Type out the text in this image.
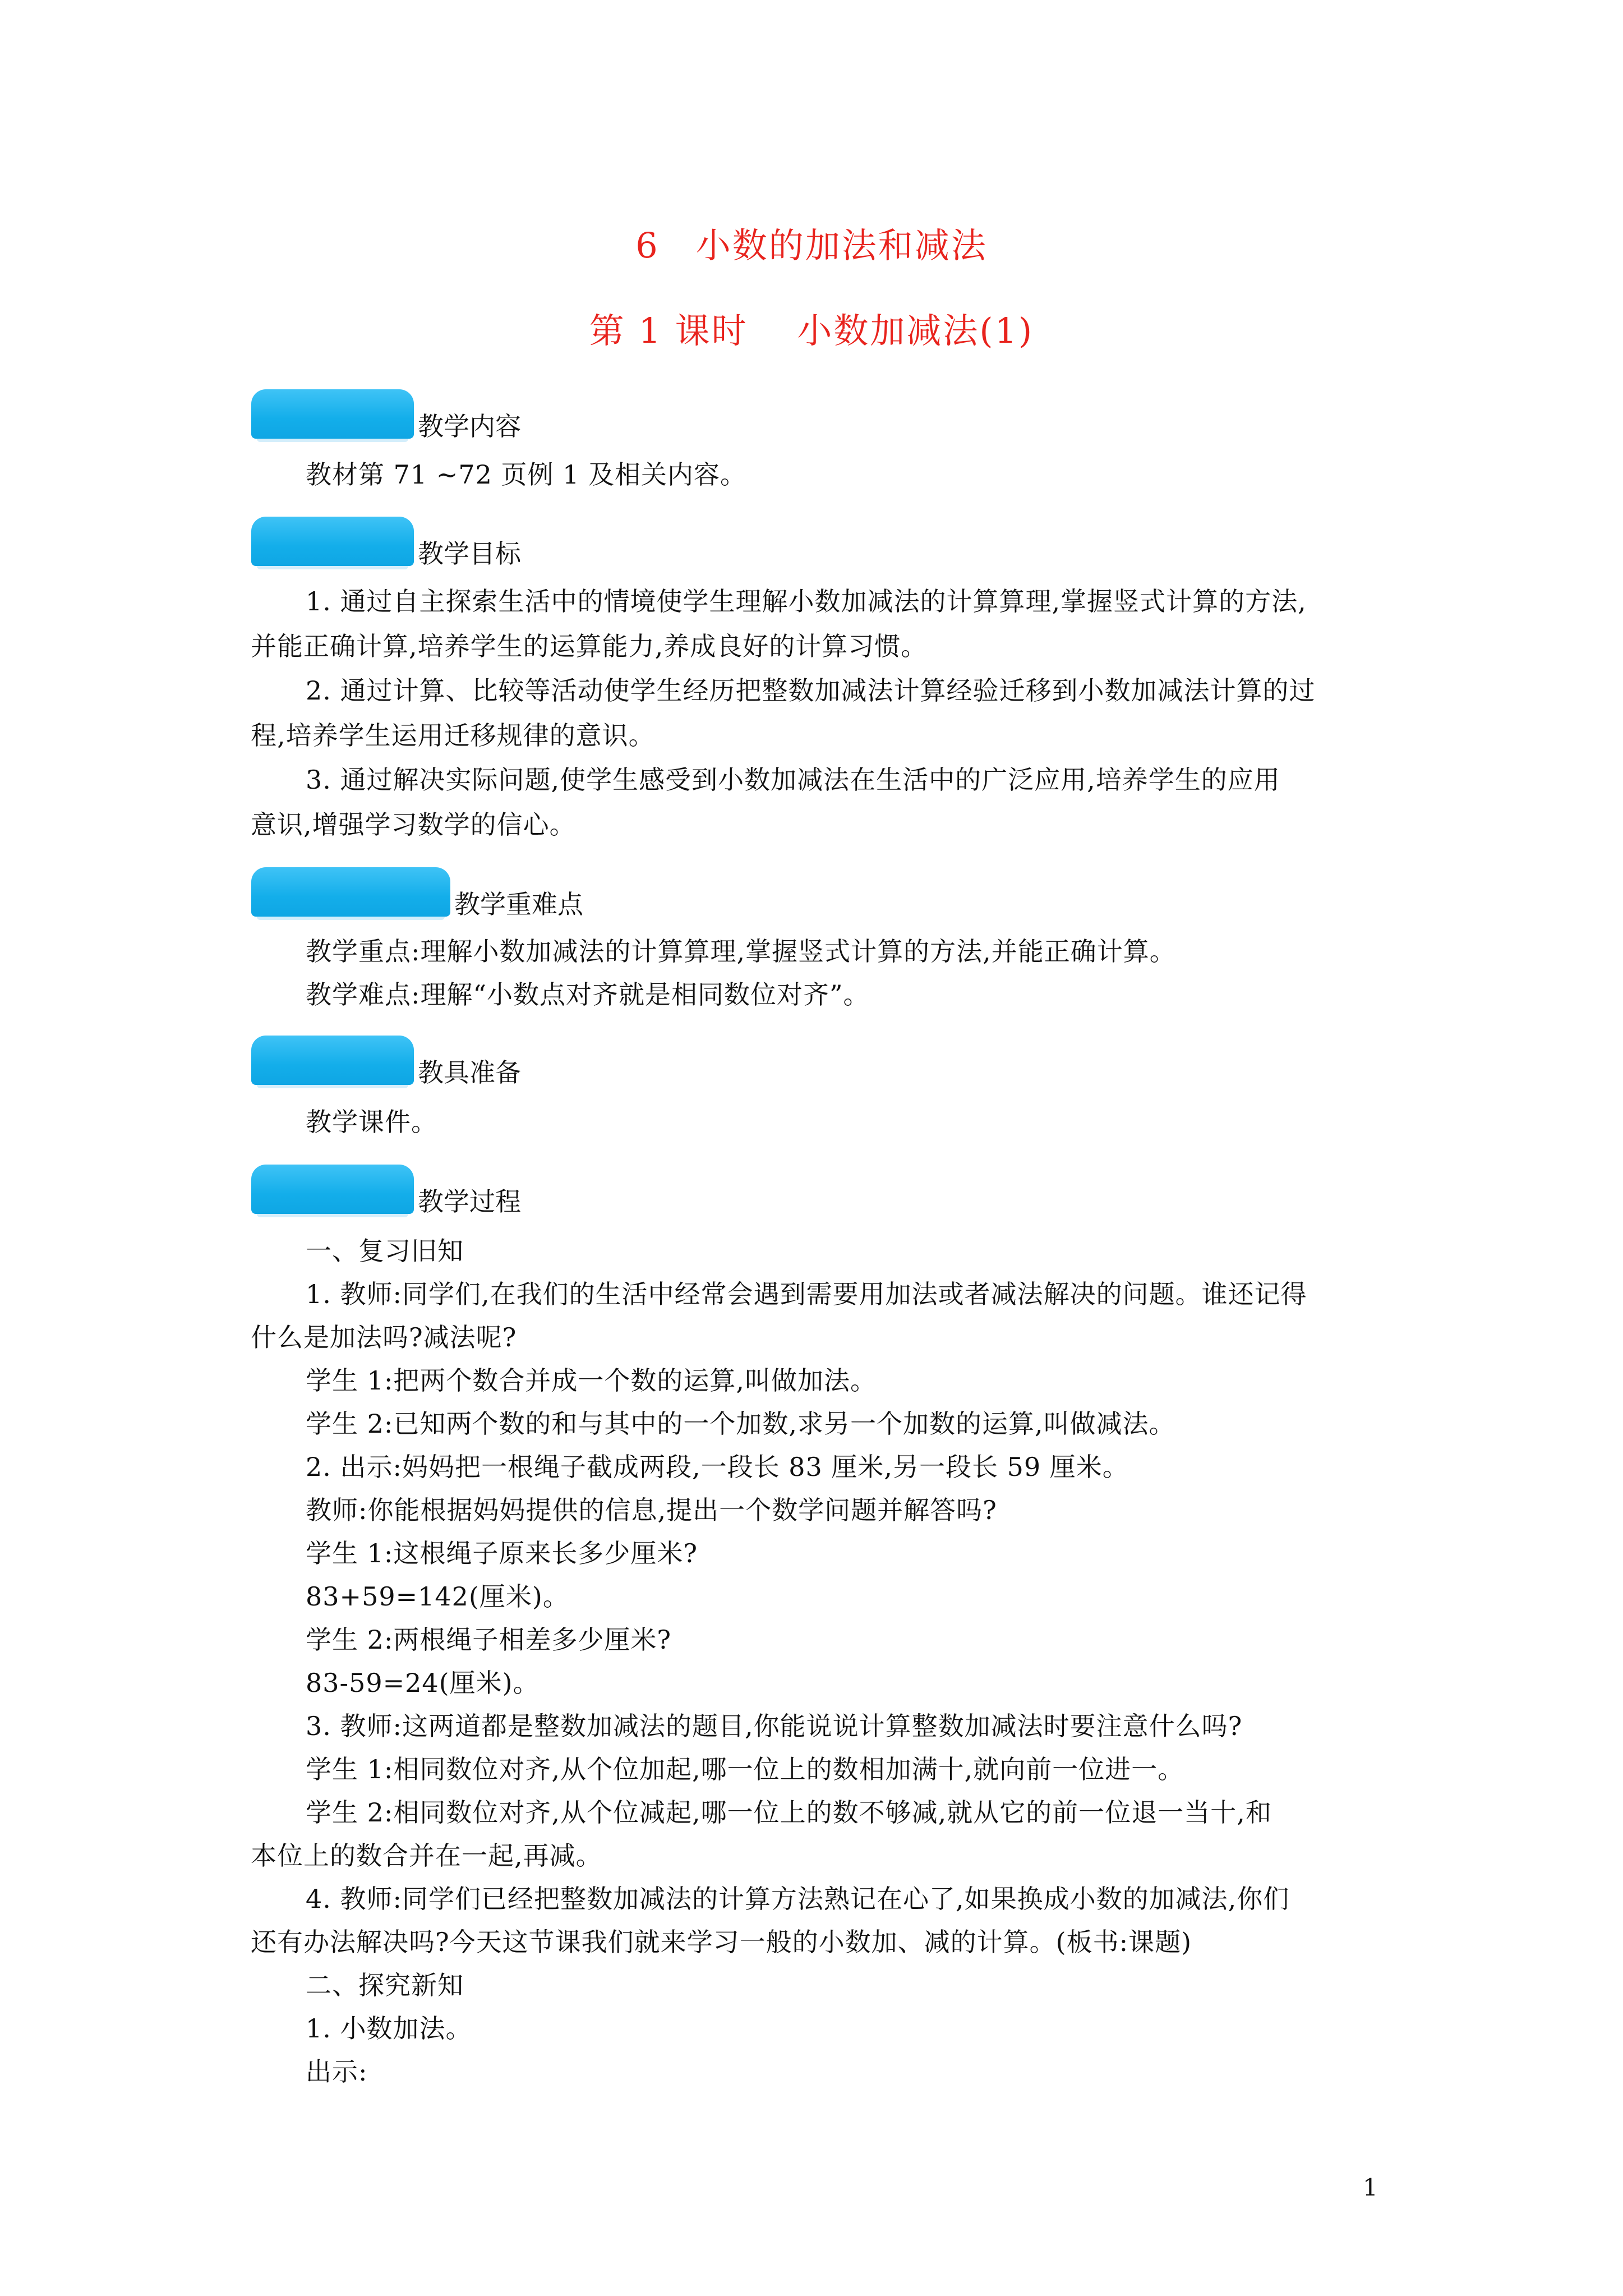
6　小数的加法和减法
第 1 课时　 小数加减法(1)
教学内容
教材第 71 ~72 页例 1 及相关内容。
教学目标
1. 通过自主探索生活中的情境使学生理解小数加减法的计算算理,掌握竖式计算的方法,
并能正确计算,培养学生的运算能力,养成良好的计算习惯。
2. 通过计算、比较等活动使学生经历把整数加减法计算经验迁移到小数加减法计算的过
程,培养学生运用迁移规律的意识。
3. 通过解决实际问题,使学生感受到小数加减法在生活中的广泛应用,培养学生的应用
意识,增强学习数学的信心。
教学重难点
教学重点:理解小数加减法的计算算理,掌握竖式计算的方法,并能正确计算。
教学难点:理解“小数点对齐就是相同数位对齐”。
教具准备
教学课件。
教学过程
一、复习旧知
1. 教师:同学们,在我们的生活中经常会遇到需要用加法或者减法解决的问题。谁还记得
什么是加法吗?减法呢?
学生 1:把两个数合并成一个数的运算,叫做加法。
学生 2:已知两个数的和与其中的一个加数,求另一个加数的运算,叫做减法。
2. 出示:妈妈把一根绳子截成两段,一段长 83 厘米,另一段长 59 厘米。
教师:你能根据妈妈提供的信息,提出一个数学问题并解答吗?
学生 1:这根绳子原来长多少厘米?
83+59=142(厘米)。
学生 2:两根绳子相差多少厘米?
83-59=24(厘米)。
3. 教师:这两道都是整数加减法的题目,你能说说计算整数加减法时要注意什么吗?
学生 1:相同数位对齐,从个位加起,哪一位上的数相加满十,就向前一位进一。
学生 2:相同数位对齐,从个位减起,哪一位上的数不够减,就从它的前一位退一当十,和
本位上的数合并在一起,再减。
4. 教师:同学们已经把整数加减法的计算方法熟记在心了,如果换成小数的加减法,你们
还有办法解决吗?今天这节课我们就来学习一般的小数加、减的计算。(板书:课题)
二、探究新知
1. 小数加法。
出示:
1
